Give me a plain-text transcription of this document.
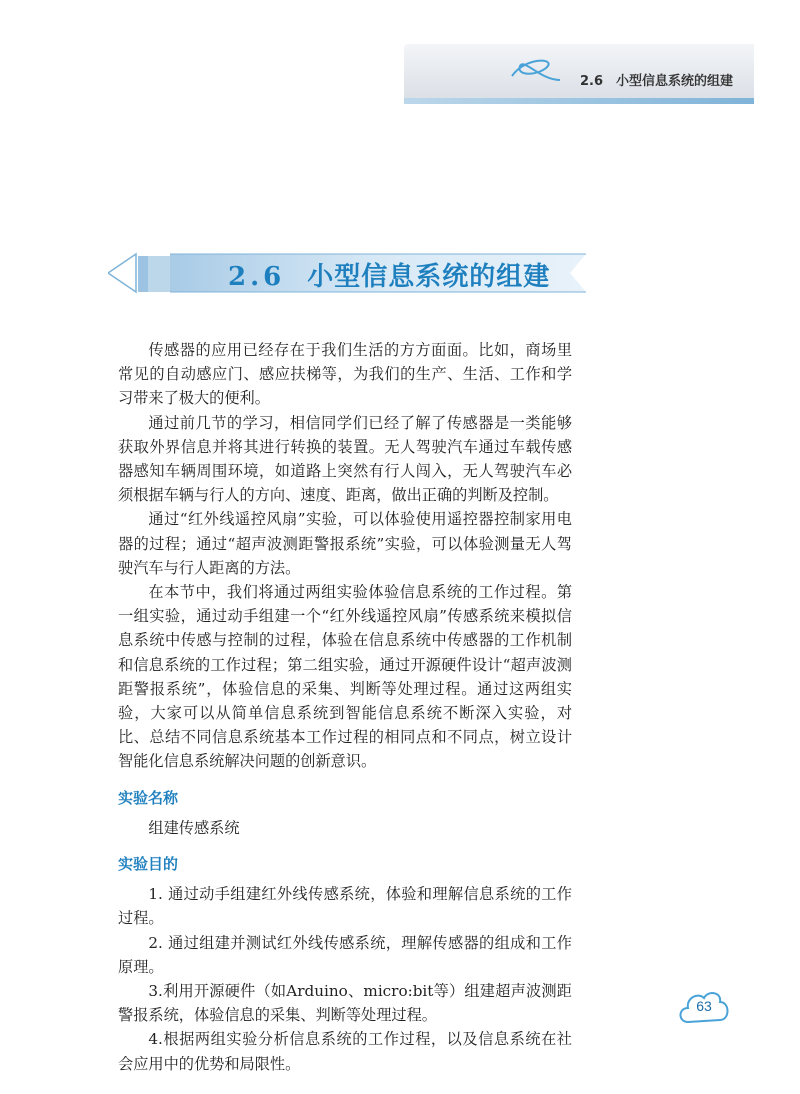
2.6　小型信息系统的组建
2.6 小型信息系统的组建

传感器的应用已经存在于我们生活的方方面面。比如，商场里常见的自动感应门、感应扶梯等，为我们的生产、生活、工作和学习带来了极大的便利。

通过前几节的学习，相信同学们已经了解了传感器是一类能够获取外界信息并将其进行转换的装置。无人驾驶汽车通过车载传感器感知车辆周围环境，如道路上突然有行人闯入，无人驾驶汽车必须根据车辆与行人的方向、速度、距离，做出正确的判断及控制。

通过“红外线遥控风扇”实验，可以体验使用遥控器控制家用电器的过程；通过“超声波测距警报系统”实验，可以体验测量无人驾驶汽车与行人距离的方法。

在本节中，我们将通过两组实验体验信息系统的工作过程。第一组实验，通过动手组建一个“红外线遥控风扇”传感系统来模拟信息系统中传感与控制的过程，体验在信息系统中传感器的工作机制和信息系统的工作过程；第二组实验，通过开源硬件设计“超声波测距警报系统”，体验信息的采集、判断等处理过程。通过这两组实验，大家可以从简单信息系统到智能信息系统不断深入实验，对比、总结不同信息系统基本工作过程的相同点和不同点，树立设计智能化信息系统解决问题的创新意识。

实验名称
组建传感系统
实验目的

1. 通过动手组建红外线传感系统，体验和理解信息系统的工作过程。

2. 通过组建并测试红外线传感系统，理解传感器的组成和工作原理。

3.利用开源硬件（如Arduino、micro:bit等）组建超声波测距警报系统，体验信息的采集、判断等处理过程。

4.根据两组实验分析信息系统的工作过程，以及信息系统在社会应用中的优势和局限性。

63
